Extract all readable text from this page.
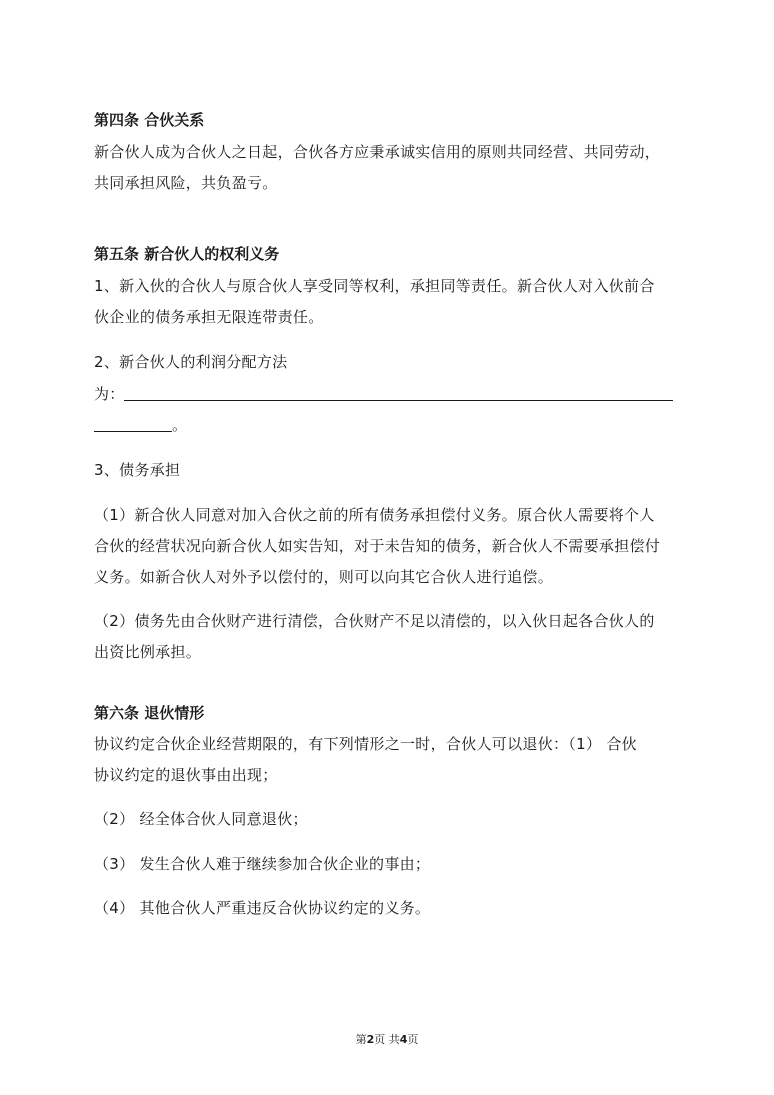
第四条 合伙关系
新合伙人成为合伙人之日起，合伙各方应秉承诚实信用的原则共同经营、共同劳动，
共同承担风险，共负盈亏。
第五条 新合伙人的权利义务
1、新入伙的合伙人与原合伙人享受同等权利，承担同等责任。新合伙人对入伙前合
伙企业的债务承担无限连带责任。
2、新合伙人的利润分配方法
为：
。
3、债务承担
（1）新合伙人同意对加入合伙之前的所有债务承担偿付义务。原合伙人需要将个人
合伙的经营状况向新合伙人如实告知，对于未告知的债务，新合伙人不需要承担偿付
义务。如新合伙人对外予以偿付的，则可以向其它合伙人进行追偿。
（2）债务先由合伙财产进行清偿，合伙财产不足以清偿的，以入伙日起各合伙人的
出资比例承担。
第六条 退伙情形
协议约定合伙企业经营期限的，有下列情形之一时，合伙人可以退伙：（1） 合伙
协议约定的退伙事由出现；
（2） 经全体合伙人同意退伙；
（3） 发生合伙人难于继续参加合伙企业的事由；
（4） 其他合伙人严重违反合伙协议约定的义务。
第2页 共4页
